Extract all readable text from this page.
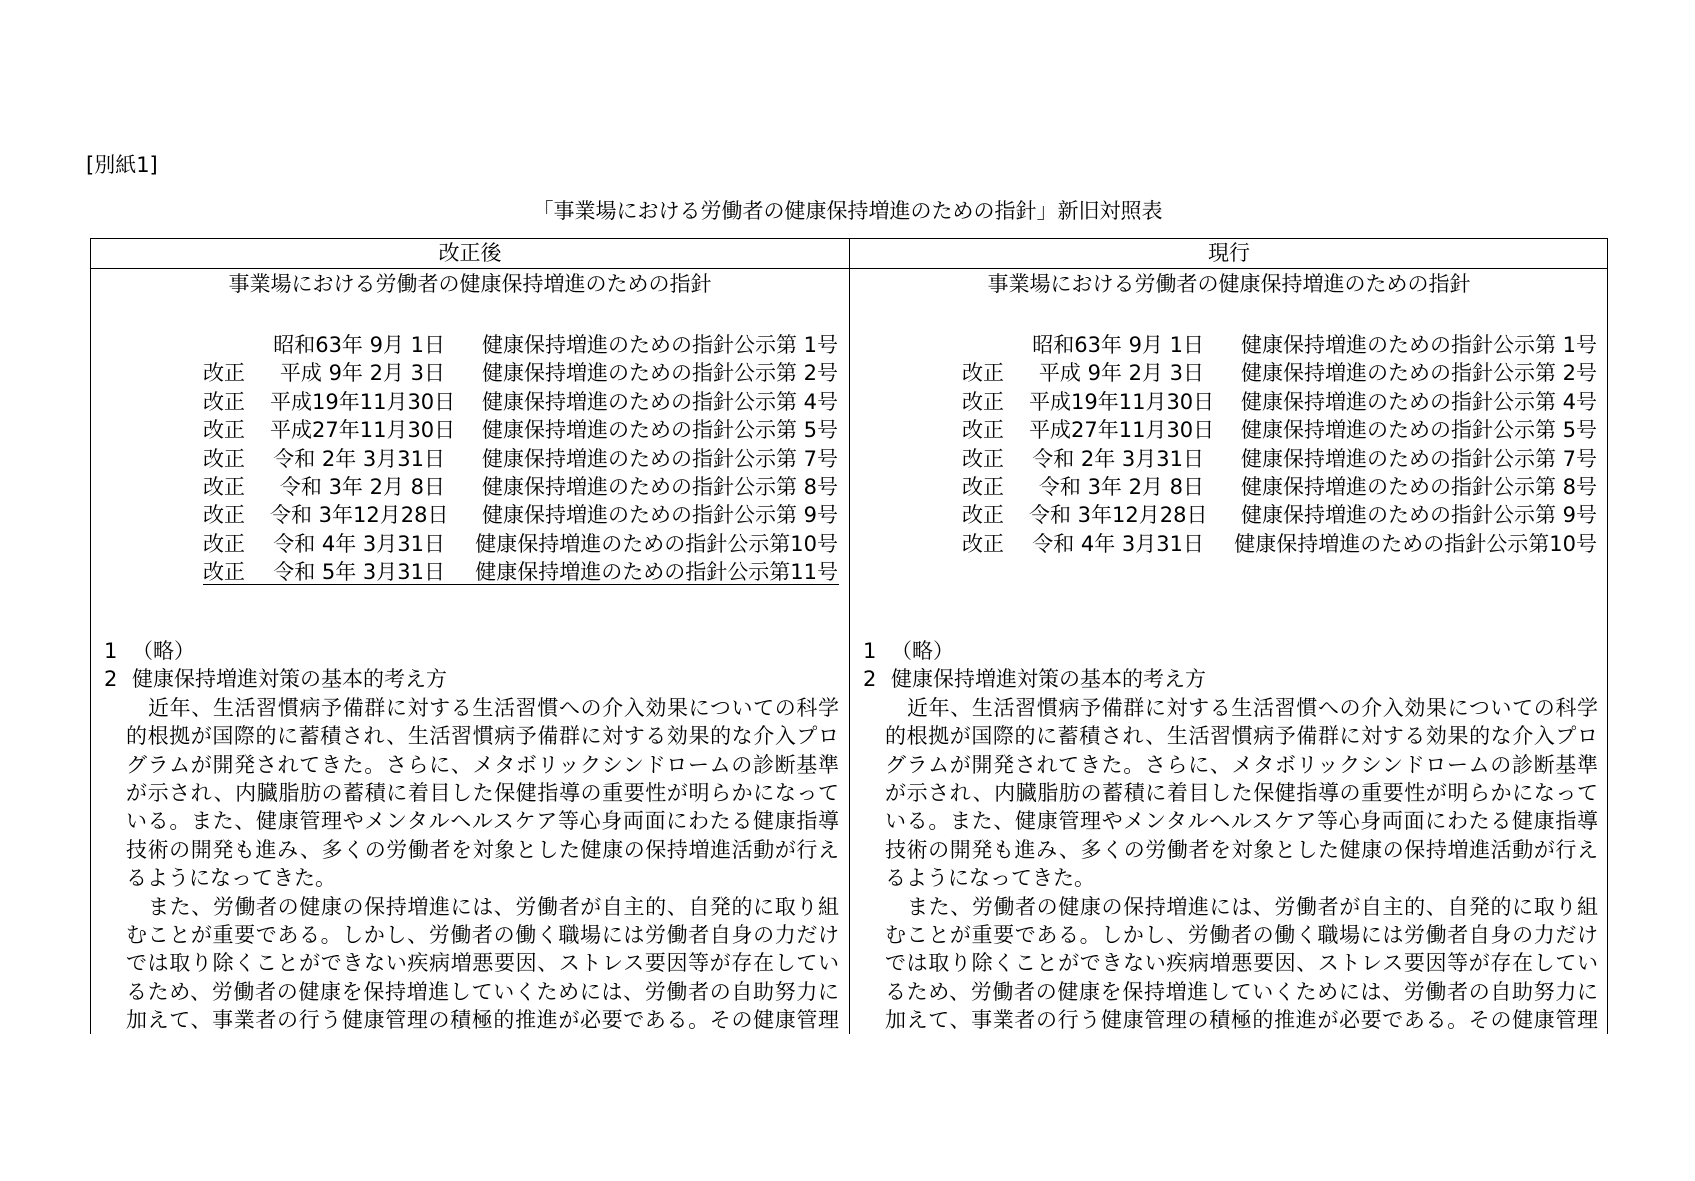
[別紙1]
「事業場における労働者の健康保持増進のための指針」新旧対照表
改正後
事業場における労働者の健康保持増進のための指針
昭和63年 9月 1日	健康保持増進のための指針公示第 1号
改正	平成 9年 2月 3日	健康保持増進のための指針公示第 2号
改正 平成19年11月30日	健康保持増進のための指針公示第 4号
改正 平成27年11月30日	健康保持増進のための指針公示第 5号
改正 令和 2年 3月31日	健康保持増進のための指針公示第 7号
改正	令和 3年 2月 8日	健康保持増進のための指針公示第 8号
改正 令和 3年12月28日	健康保持増進のための指針公示第 9号
改正 令和 4年 3月31日	健康保持増進のための指針公示第10号
改正 令和 5年 3月31日	健康保持増進のための指針公示第11号
1 （略）
2 健康保持増進対策の基本的考え方
近年、生活習慣病予備群に対する生活習慣への介入効果についての科学
的根拠が国際的に蓄積され、生活習慣病予備群に対する効果的な介入プロ
グラムが開発されてきた。さらに、メタボリックシンドロームの診断基準
が示され、内臓脂肪の蓄積に着目した保健指導の重要性が明らかになって
いる。また、健康管理やメンタルヘルスケア等心身両面にわたる健康指導
技術の開発も進み、多くの労働者を対象とした健康の保持増進活動が行え
るようになってきた。
また、労働者の健康の保持増進には、労働者が自主的、自発的に取り組
むことが重要である。しかし、労働者の働く職場には労働者自身の力だけ
では取り除くことができない疾病増悪要因、ストレス要因等が存在してい
るため、労働者の健康を保持増進していくためには、労働者の自助努力に
加えて、事業者の行う健康管理の積極的推進が必要である。その健康管理
現行
事業場における労働者の健康保持増進のための指針
昭和63年 9月 1日	健康保持増進のための指針公示第 1号
改正	平成 9年 2月 3日	健康保持増進のための指針公示第 2号
改正 平成19年11月30日	健康保持増進のための指針公示第 4号
改正 平成27年11月30日	健康保持増進のための指針公示第 5号
改正 令和 2年 3月31日	健康保持増進のための指針公示第 7号
改正	令和 3年 2月 8日	健康保持増進のための指針公示第 8号
改正 令和 3年12月28日	健康保持増進のための指針公示第 9号
改正 令和 4年 3月31日	健康保持増進のための指針公示第10号
1 （略）
2 健康保持増進対策の基本的考え方
近年、生活習慣病予備群に対する生活習慣への介入効果についての科学
的根拠が国際的に蓄積され、生活習慣病予備群に対する効果的な介入プロ
グラムが開発されてきた。さらに、メタボリックシンドロームの診断基準
が示され、内臓脂肪の蓄積に着目した保健指導の重要性が明らかになって
いる。また、健康管理やメンタルヘルスケア等心身両面にわたる健康指導
技術の開発も進み、多くの労働者を対象とした健康の保持増進活動が行え
るようになってきた。
また、労働者の健康の保持増進には、労働者が自主的、自発的に取り組
むことが重要である。しかし、労働者の働く職場には労働者自身の力だけ
では取り除くことができない疾病増悪要因、ストレス要因等が存在してい
るため、労働者の健康を保持増進していくためには、労働者の自助努力に
加えて、事業者の行う健康管理の積極的推進が必要である。その健康管理
